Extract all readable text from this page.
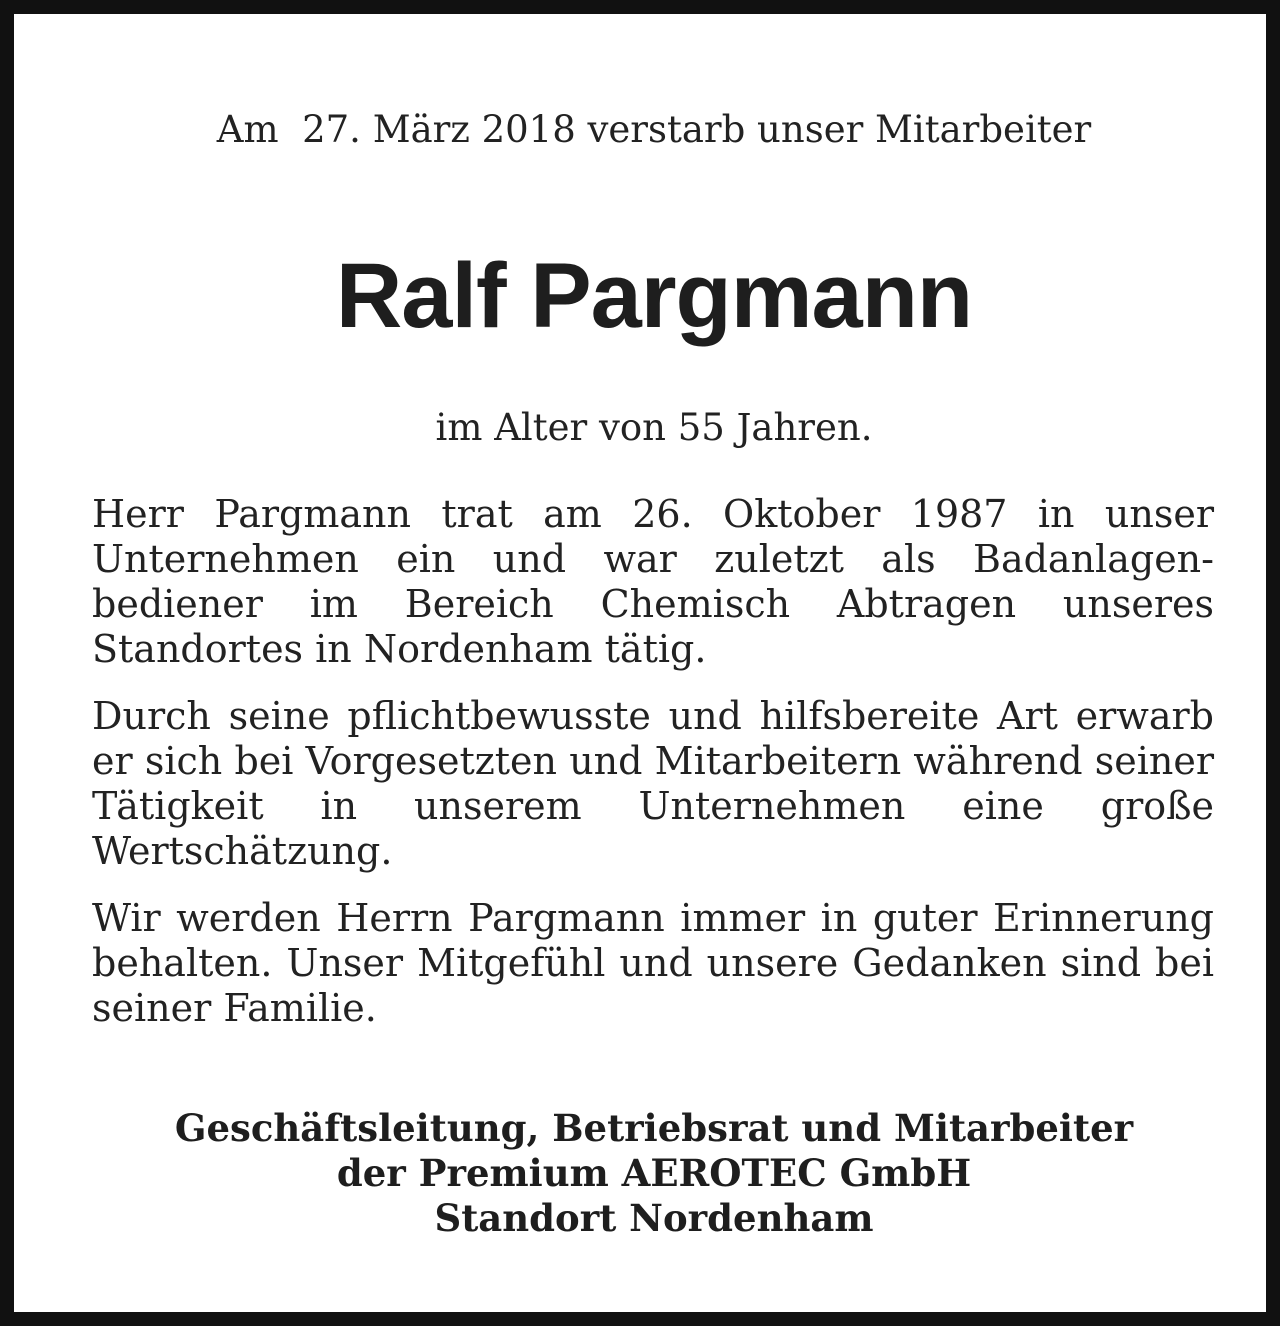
Am  27. März 2018 verstarb unser Mitarbeiter

Ralf Pargmann

im Alter von 55 Jahren.

Herr Pargmann trat am 26. Oktober 1987 in unser Unternehmen ein und war zuletzt als Badanlagenbediener im Bereich Chemisch Abtragen unseres Standortes in Nordenham tätig.

Durch seine pflichtbewusste und hilfsbereite Art erwarb er sich bei Vorgesetzten und Mitarbeitern während seiner Tätigkeit in unserem Unternehmen eine große Wertschätzung.

Wir werden Herrn Pargmann immer in guter Erinnerung behalten. Unser Mitgefühl und unsere Gedanken sind bei seiner Familie.

Geschäftsleitung, Betriebsrat und Mitarbeiter
der Premium AEROTEC GmbH
Standort Nordenham
